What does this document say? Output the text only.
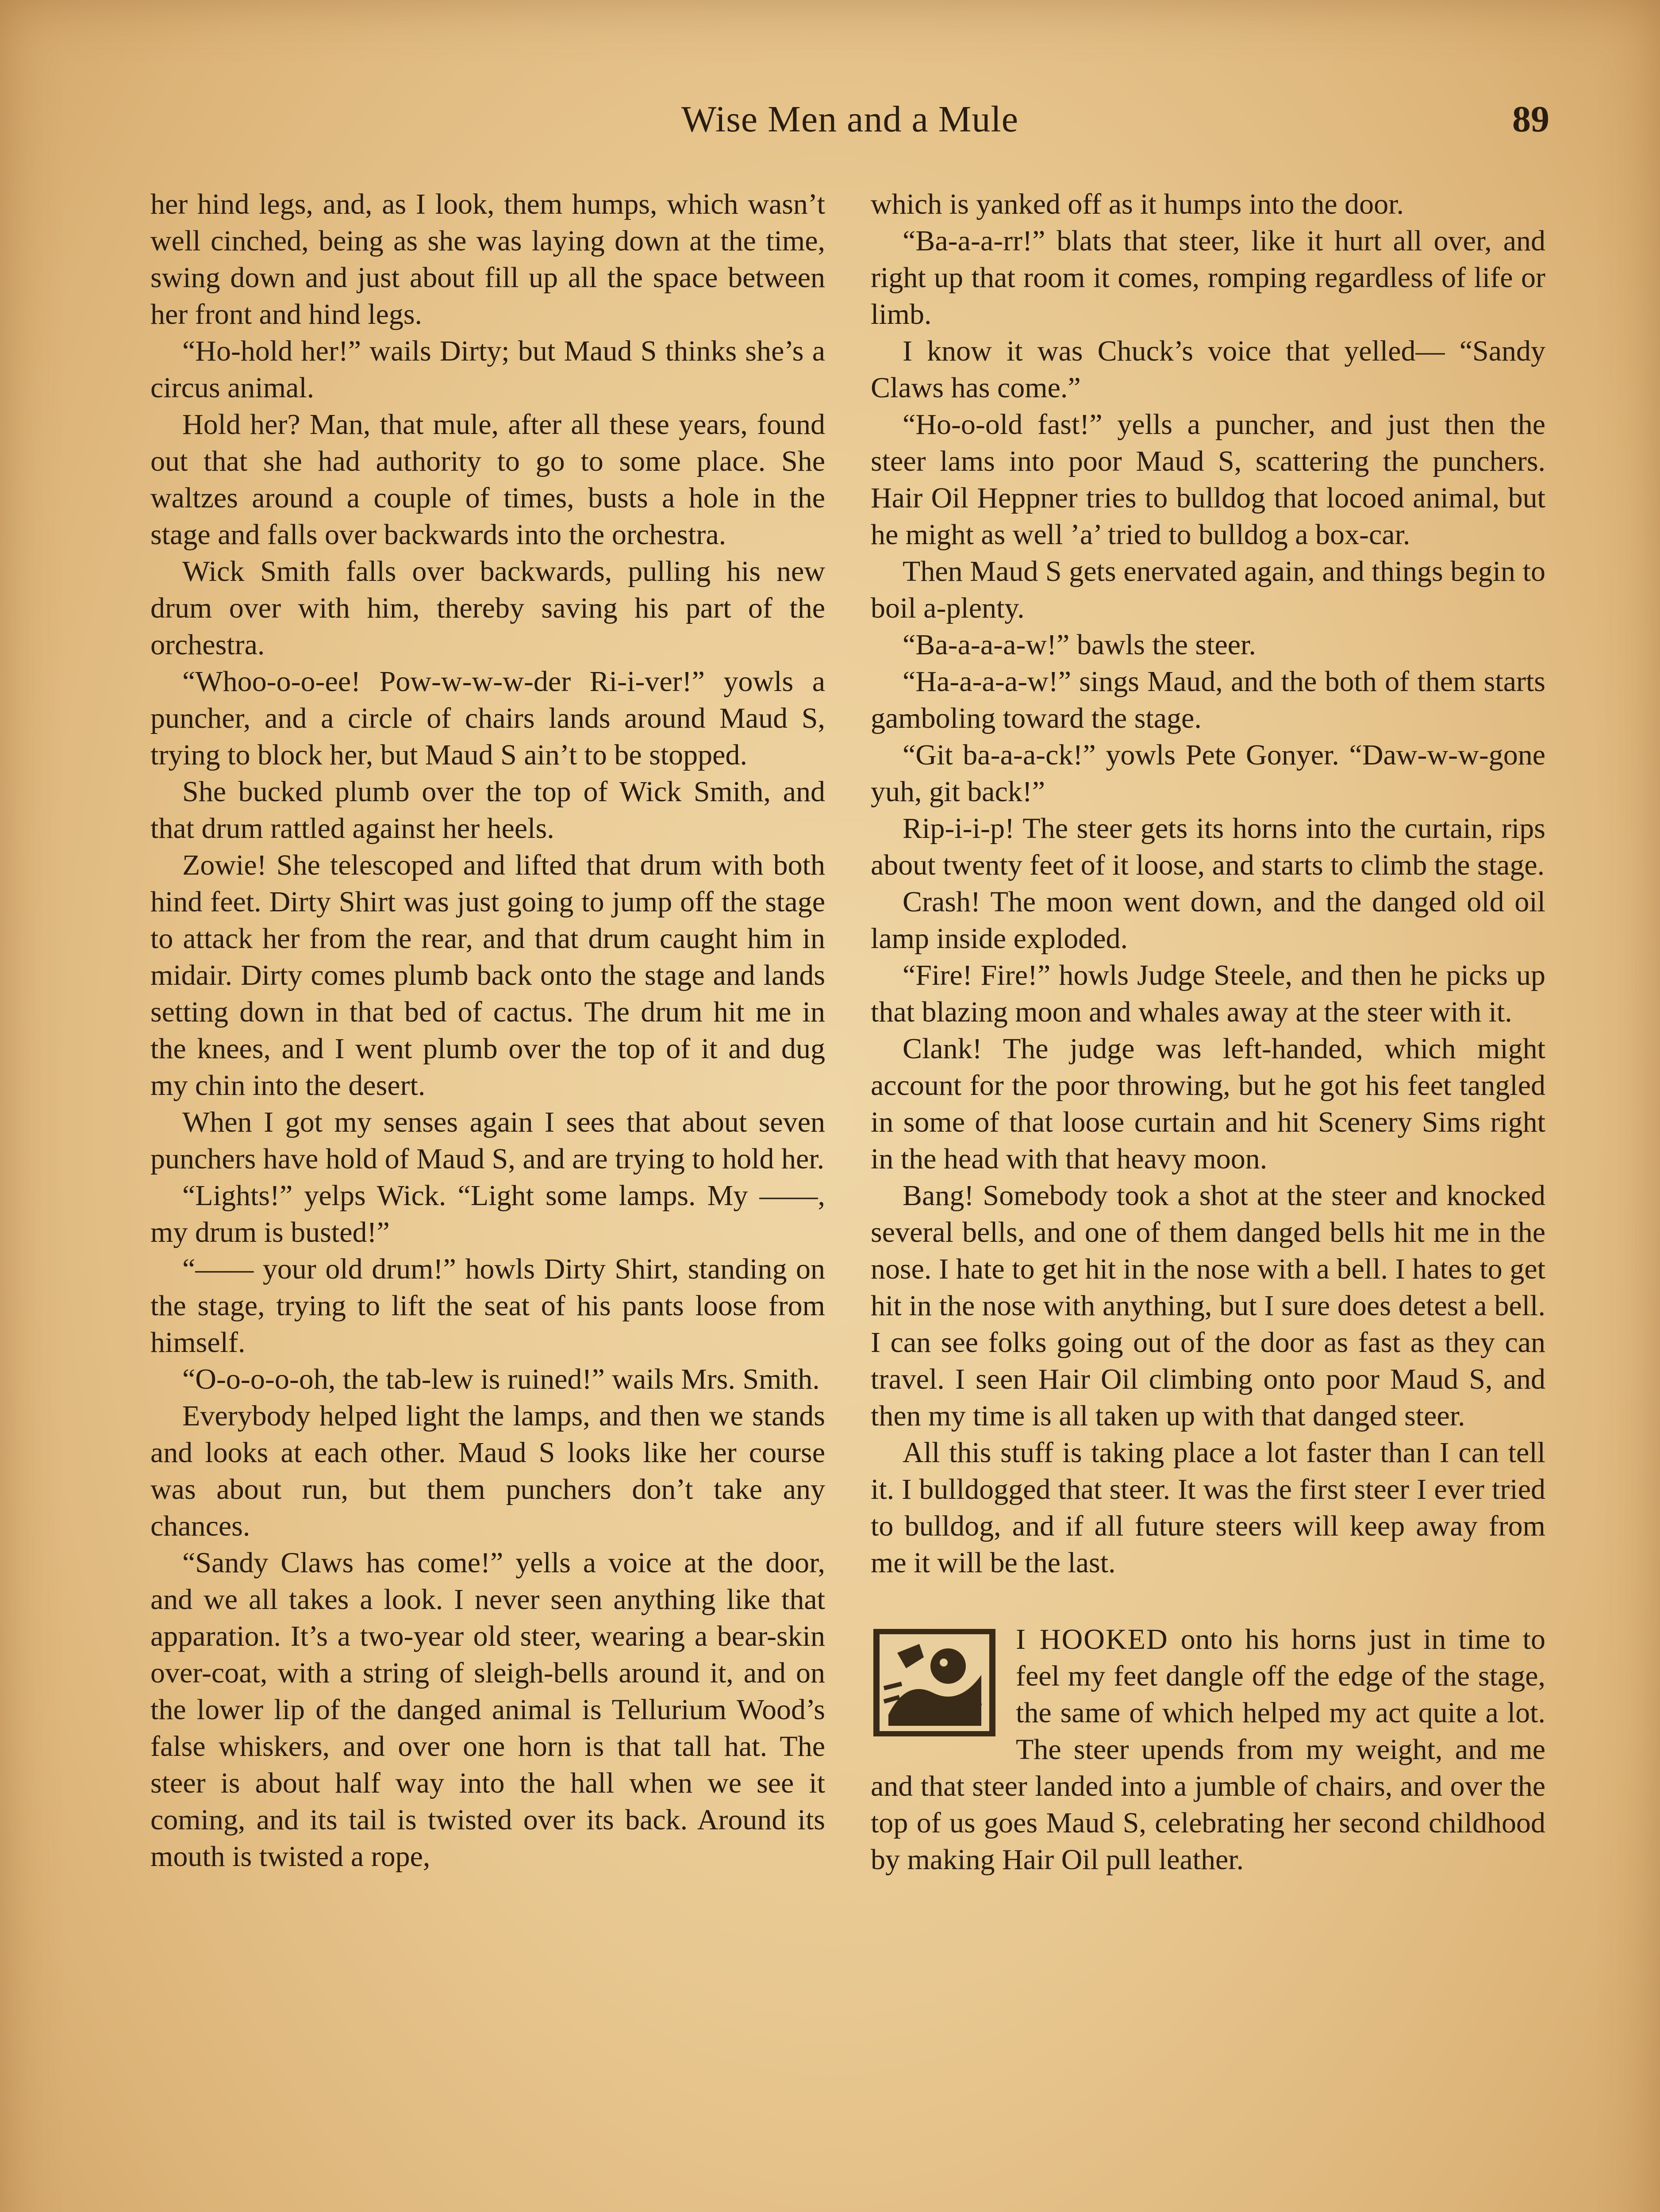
Wise Men and a Mule	89

her hind legs, and, as I look, them humps, which wasn’t well cinched, being as she was laying down at the time, swing down and just about fill up all the space between her front and hind legs.

“Ho-hold her!” wails Dirty; but Maud S thinks she’s a circus animal.

Hold her? Man, that mule, after all these years, found out that she had authority to go to some place. She waltzes around a couple of times, busts a hole in the stage and falls over backwards into the orchestra.

Wick Smith falls over backwards, pulling his new drum over with him, thereby saving his part of the orchestra.

“Whoo-o-o-ee! Pow-w-w-w-der Ri-i-ver!” yowls a puncher, and a circle of chairs lands around Maud S, trying to block her, but Maud S ain’t to be stopped.

She bucked plumb over the top of Wick Smith, and that drum rattled against her heels.

Zowie! She telescoped and lifted that drum with both hind feet. Dirty Shirt was just going to jump off the stage to attack her from the rear, and that drum caught him in midair. Dirty comes plumb back onto the stage and lands setting down in that bed of cactus. The drum hit me in the knees, and I went plumb over the top of it and dug my chin into the desert.

When I got my senses again I sees that about seven punchers have hold of Maud S, and are trying to hold her.

“Lights!” yelps Wick. “Light some lamps. My ——, my drum is busted!”

“—— your old drum!” howls Dirty Shirt, standing on the stage, trying to lift the seat of his pants loose from himself.

“O-o-o-o-oh, the tab-lew is ruined!” wails Mrs. Smith.

Everybody helped light the lamps, and then we stands and looks at each other. Maud S looks like her course was about run, but them punchers don’t take any chances.

“Sandy Claws has come!” yells a voice at the door, and we all takes a look. I never seen anything like that apparation. It’s a two-year old steer, wearing a bear-skin over-coat, with a string of sleigh-bells around it, and on the lower lip of the danged animal is Tellurium Wood’s false whiskers, and over one horn is that tall hat. The steer is about half way into the hall when we see it coming, and its tail is twisted over its back. Around its mouth is twisted a rope,

which is yanked off as it humps into the door.

“Ba-a-a-rr!” blats that steer, like it hurt all over, and right up that room it comes, romping regardless of life or limb.

I know it was Chuck’s voice that yelled— “Sandy Claws has come.”

“Ho-o-old fast!” yells a puncher, and just then the steer lams into poor Maud S, scattering the punchers. Hair Oil Heppner tries to bulldog that locoed animal, but he might as well ’a’ tried to bulldog a box-car.

Then Maud S gets enervated again, and things begin to boil a-plenty.

“Ba-a-a-a-w!” bawls the steer.

“Ha-a-a-a-w!” sings Maud, and the both of them starts gamboling toward the stage.

“Git ba-a-a-ck!” yowls Pete Gonyer. “Daw-w-w-gone yuh, git back!”

Rip-i-i-p! The steer gets its horns into the curtain, rips about twenty feet of it loose, and starts to climb the stage.

Crash! The moon went down, and the danged old oil lamp inside exploded.

“Fire! Fire!” howls Judge Steele, and then he picks up that blazing moon and whales away at the steer with it.

Clank! The judge was left-handed, which might account for the poor throwing, but he got his feet tangled in some of that loose curtain and hit Scenery Sims right in the head with that heavy moon.

Bang! Somebody took a shot at the steer and knocked several bells, and one of them danged bells hit me in the nose. I hate to get hit in the nose with a bell. I hates to get hit in the nose with anything, but I sure does detest a bell. I can see folks going out of the door as fast as they can travel. I seen Hair Oil climbing onto poor Maud S, and then my time is all taken up with that danged steer.

All this stuff is taking place a lot faster than I can tell it. I bulldogged that steer. It was the first steer I ever tried to bulldog, and if all future steers will keep away from me it will be the last.

I HOOKED onto his horns just in time to feel my feet dangle off the edge of the stage, the same of which helped my act quite a lot. The steer upends from my weight, and me and that steer landed into a jumble of chairs, and over the top of us goes Maud S, celebrating her second childhood by making Hair Oil pull leather.
